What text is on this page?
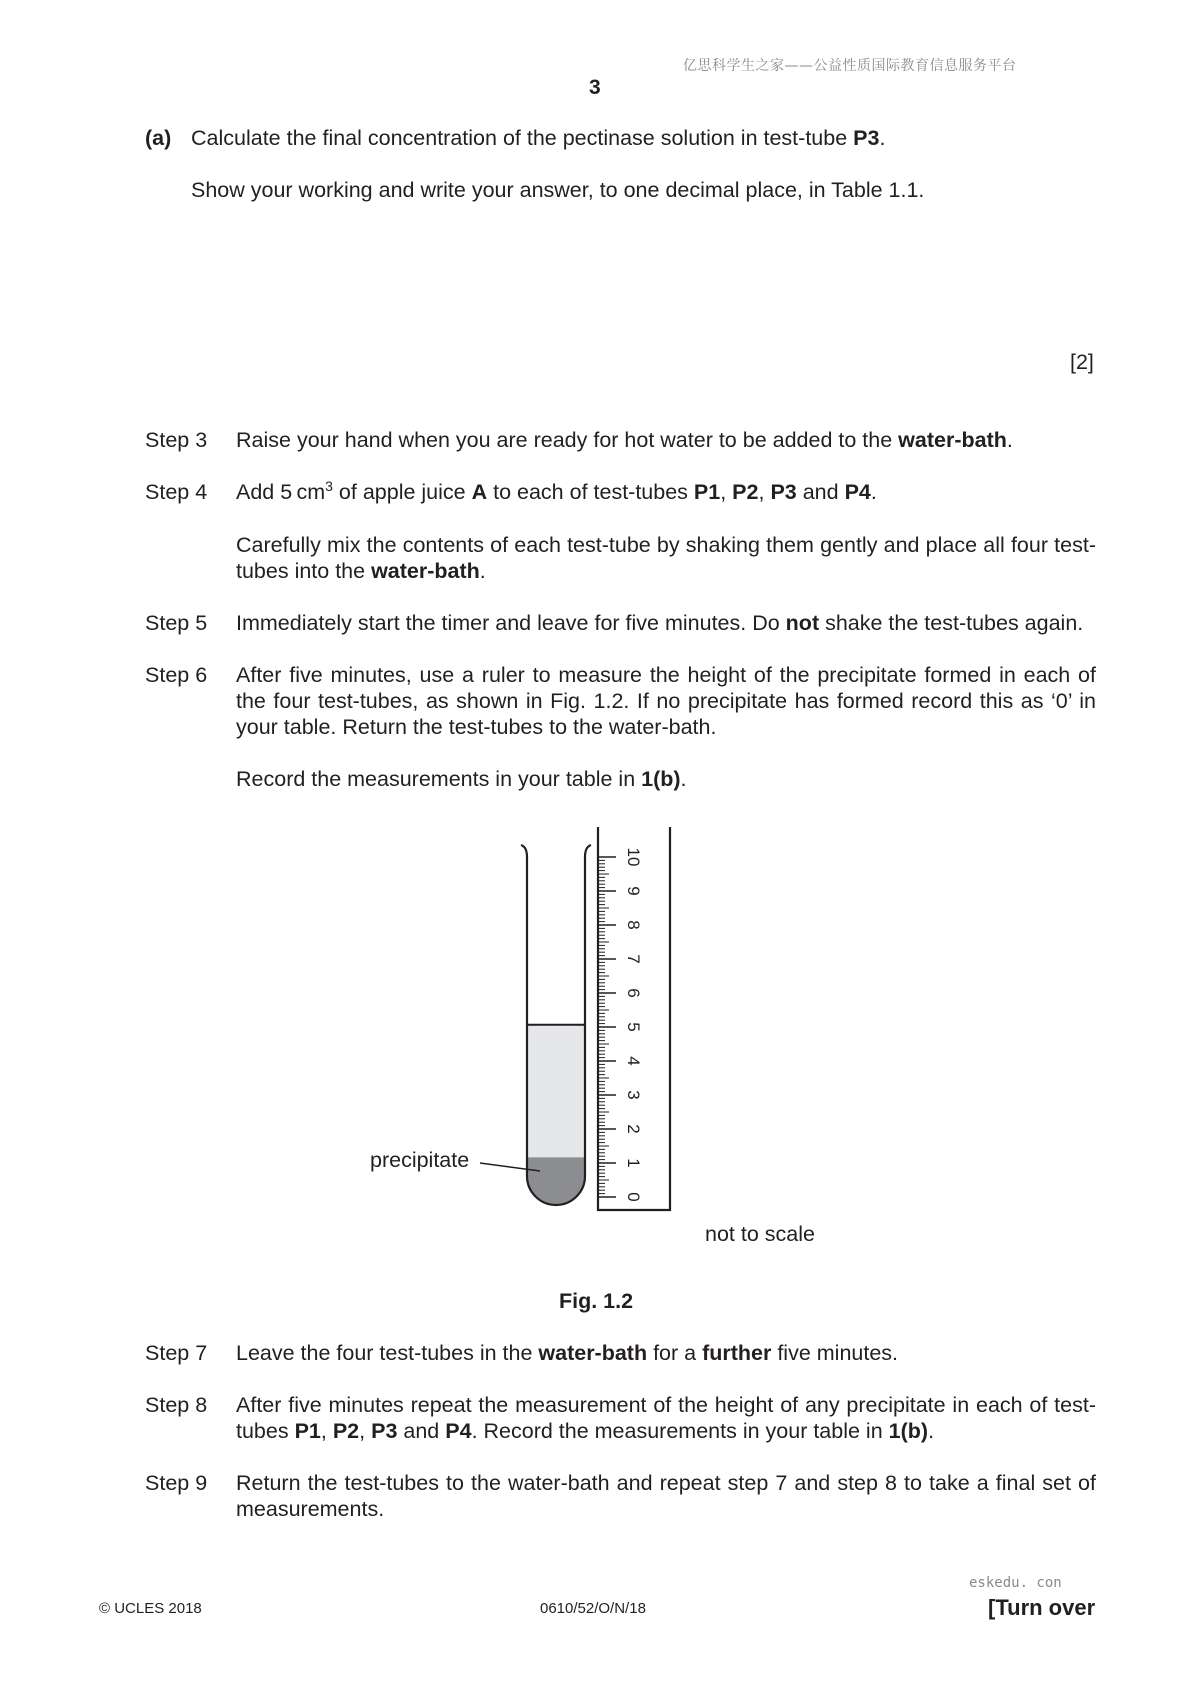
亿思科学生之家——公益性质国际教育信息服务平台
3
(a) Calculate the final concentration of the pectinase solution in test-tube P3.
Show your working and write your answer, to one decimal place, in Table 1.1.
[2]
Step 3 Raise your hand when you are ready for hot water to be added to the water-bath.
Step 4 Add 5 $cm^3$ of apple juice A to each of test-tubes P1, P2, P3 and P4.
Carefully mix the contents of each test-tube by shaking them gently and place all four test-tubes into the water-bath.
Step 5 Immediately start the timer and leave for five minutes. Do not shake the test-tubes again.
Step 6 After five minutes, use a ruler to measure the height of the precipitate formed in each of the four test-tubes, as shown in Fig. 1.2. If no precipitate has formed record this as ‘0’ in your table. Return the test-tubes to the water-bath.
Record the measurements in your table in 1(b).
0
1
2
3
4
5
6
7
8
9
10
precipitate
not to scale
Fig. 1.2
Step 7 Leave the four test-tubes in the water-bath for a further five minutes.
Step 8 After five minutes repeat the measurement of the height of any precipitate in each of test-tubes P1, P2, P3 and P4. Record the measurements in your table in 1(b).
Step 9 Return the test-tubes to the water-bath and repeat step 7 and step 8 to take a final set of measurements.
eskedu. con
© UCLES 2018	0610/52/O/N/18	[Turn over
